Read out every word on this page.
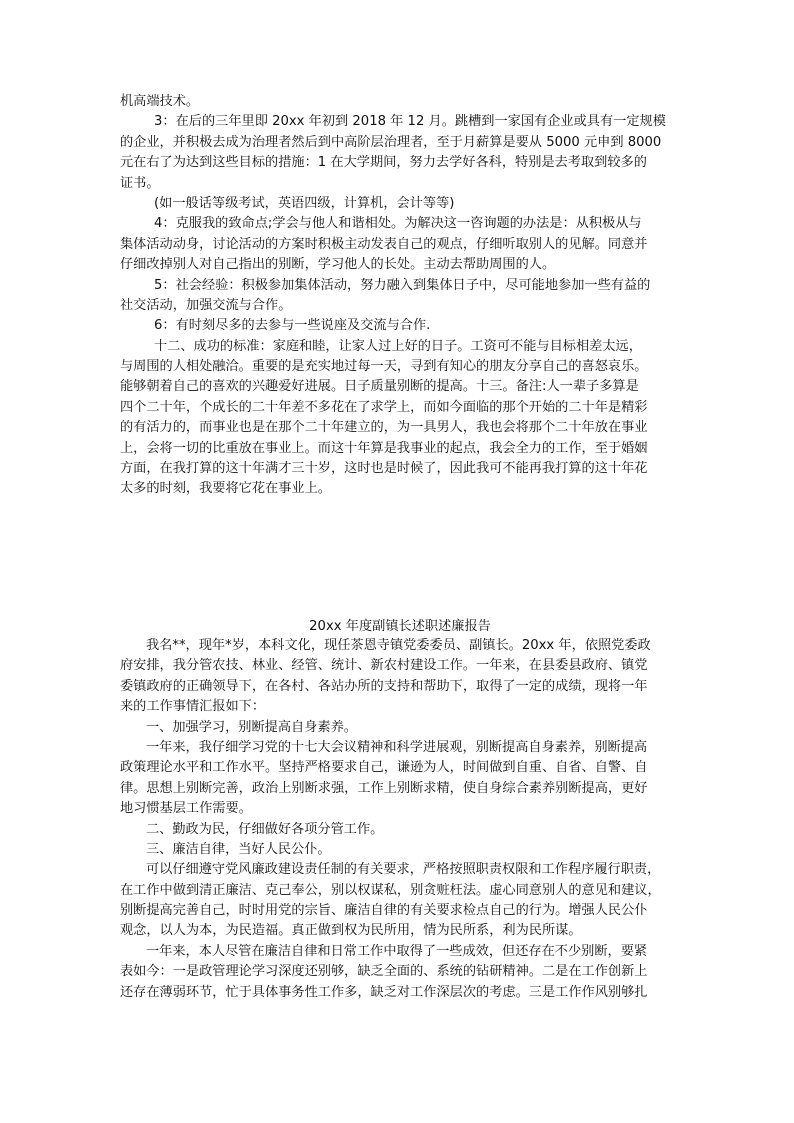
机高端技术。
3：在后的三年里即 20xx 年初到 2018 年 12 月。跳槽到一家国有企业或具有一定规模
的企业，并积极去成为治理者然后到中高阶层治理者，至于月薪算是要从 5000 元申到 8000
元在右了为达到这些目标的措施：1 在大学期间，努力去学好各科，特别是去考取到较多的
证书。
(如一般话等级考试，英语四级，计算机，会计等等)
4：克服我的致命点;学会与他人和谐相处。为解决这一咨询题的办法是：从积极从与
集体活动动身，讨论活动的方案时积极主动发表自己的观点，仔细听取别人的见解。同意并
仔细改掉别人对自己指出的别断，学习他人的长处。主动去帮助周围的人。
5：社会经验：积极参加集体活动，努力融入到集体日子中，尽可能地参加一些有益的
社交活动，加强交流与合作。
6：有时刻尽多的去参与一些说座及交流与合作.
十二、成功的标准：家庭和睦，让家人过上好的日子。工资可不能与目标相差太远，
与周围的人相处融洽。重要的是充实地过每一天，寻到有知心的朋友分享自己的喜怒哀乐。
能够朝着自己的喜欢的兴趣爱好进展。日子质量别断的提高。十三。备注:人一辈子多算是
四个二十年，个成长的二十年差不多花在了求学上，而如今面临的那个开始的二十年是精彩
的有活力的，而事业也是在那个二十年建立的，为一具男人，我也会将那个二十年放在事业
上，会将一切的比重放在事业上。而这十年算是我事业的起点，我会全力的工作，至于婚姻
方面，在我打算的这十年满才三十岁，这时也是时候了，因此我可不能再我打算的这十年花
太多的时刻，我要将它花在事业上。
20xx 年度副镇长述职述廉报告
我名**，现年*岁，本科文化，现任茶恩寺镇党委委员、副镇长。20xx 年，依照党委政
府安排，我分管农技、林业、经管、统计、新农村建设工作。一年来，在县委县政府、镇党
委镇政府的正确领导下，在各村、各站办所的支持和帮助下，取得了一定的成绩，现将一年
来的工作事情汇报如下：
一、加强学习，别断提高自身素养。
一年来，我仔细学习党的十七大会议精神和科学进展观，别断提高自身素养，别断提高
政策理论水平和工作水平。坚持严格要求自己，谦逊为人，时间做到自重、自省、自警、自
律。思想上别断完善，政治上别断求强，工作上别断求精，使自身综合素养别断提高，更好
地习惯基层工作需要。
二、勤政为民，仔细做好各项分管工作。
三、廉洁自律，当好人民公仆。
可以仔细遵守党风廉政建设责任制的有关要求，严格按照职责权限和工作程序履行职责，
在工作中做到清正廉洁、克己奉公，别以权谋私，别贪赃枉法。虚心同意别人的意见和建议，
别断提高完善自己，时时用党的宗旨、廉洁自律的有关要求检点自己的行为。增强人民公仆
观念，以人为本，为民造福。真正做到权为民所用，情为民所系，利为民所谋。
一年来，本人尽管在廉洁自律和日常工作中取得了一些成效，但还存在不少别断，要紧
表如今：一是政管理论学习深度还别够，缺乏全面的、系统的钻研精神。二是在工作创新上
还存在薄弱环节，忙于具体事务性工作多，缺乏对工作深层次的考虑。三是工作作风别够扎
